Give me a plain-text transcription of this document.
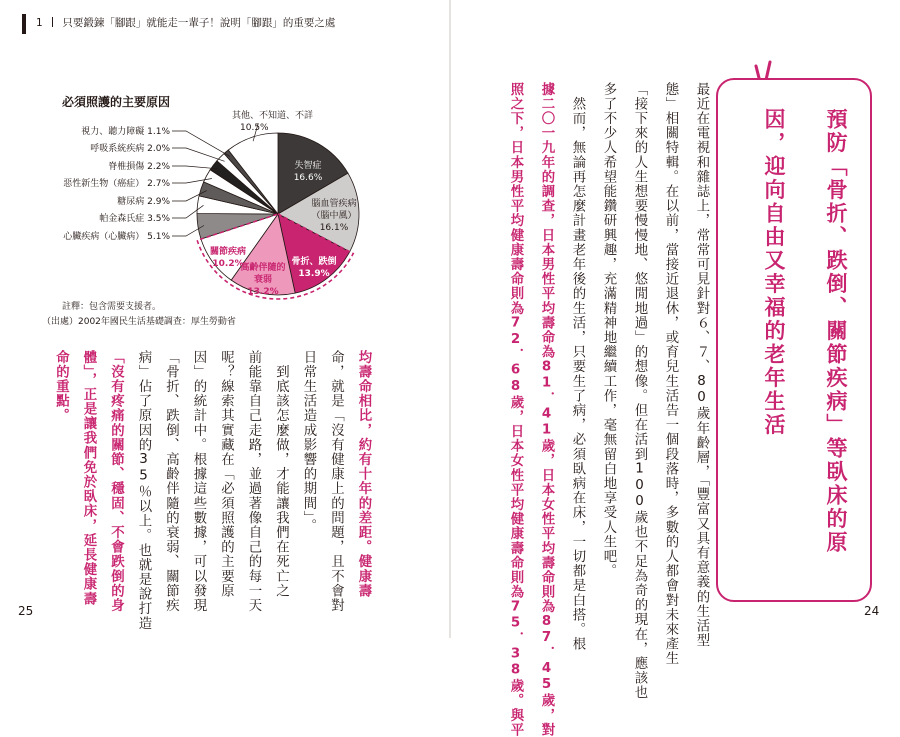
1 只要鍛鍊「腳跟」就能走一輩子！說明「腳跟」的重要之處
必須照護的主要原因
失智症
16.6%
腦血管疾病
（腦中風）
16.1%
骨折、跌倒
13.9%
高齡伴隨的
衰弱
13.2%
關節疾病
10.2%
心臟疾病（心臟病） 5.1%
帕金森氏症 3.5%
糖尿病 2.9%
惡性新生物（癌症） 2.7%
脊椎損傷 2.2%
呼吸系統疾病 2.0%
視力、聽力障礙 1.1%
其他、不知道、不詳
10.5%
註釋：包含需要支援者。
（出處）2002年國民生活基礎調查：厚生勞動省
均壽命相比，約有十年的差距。健康壽
命，就是「沒有健康上的問題，且不會對
日常生活造成影響的期間」。
　到底該怎麼做，才能讓我們在死亡之
前能靠自己走路，並過著像自己的每一天
呢？線索其實藏在「必須照護的主要原
因」的統計中。根據這些數據，可以發現
「骨折、跌倒、高齡伴隨的衰弱、關節疾
病」佔了原因的35％以上。也就是說打造
「沒有疼痛的關節、穩固、不會跌倒的身
體」，正是讓我們免於臥床，延長健康壽
命的重點。	最近在電視和雜誌上，常常可見針對６、７、80歲年齡層，「豐富又具有意義的生活型
態」相關特輯。在以前，當接近退休，或育兒生活告一個段落時，多數的人都會對未來產生
「接下來的人生想要慢慢地、悠閒地過」的想像。但在活到100歲也不足為奇的現在，應該也
多了不少人希望能鑽研興趣，充滿精神地繼續工作，毫無留白地享受人生吧。
　然而，無論再怎麼計畫老年後的生活，只要生了病，必須臥病在床，一切都是白搭。根
據二〇一九年的調查，日本男性平均壽命為81．41歲，日本女性平均壽命則為87．45歲，對
照之下，日本男性平均健康壽命則為72．68歲，日本女性平均健康壽命則為75．38歲。與平	預防「骨折、跌倒、關節疾病」等臥床的原
因，迎向自由又幸福的老年生活
25	24
